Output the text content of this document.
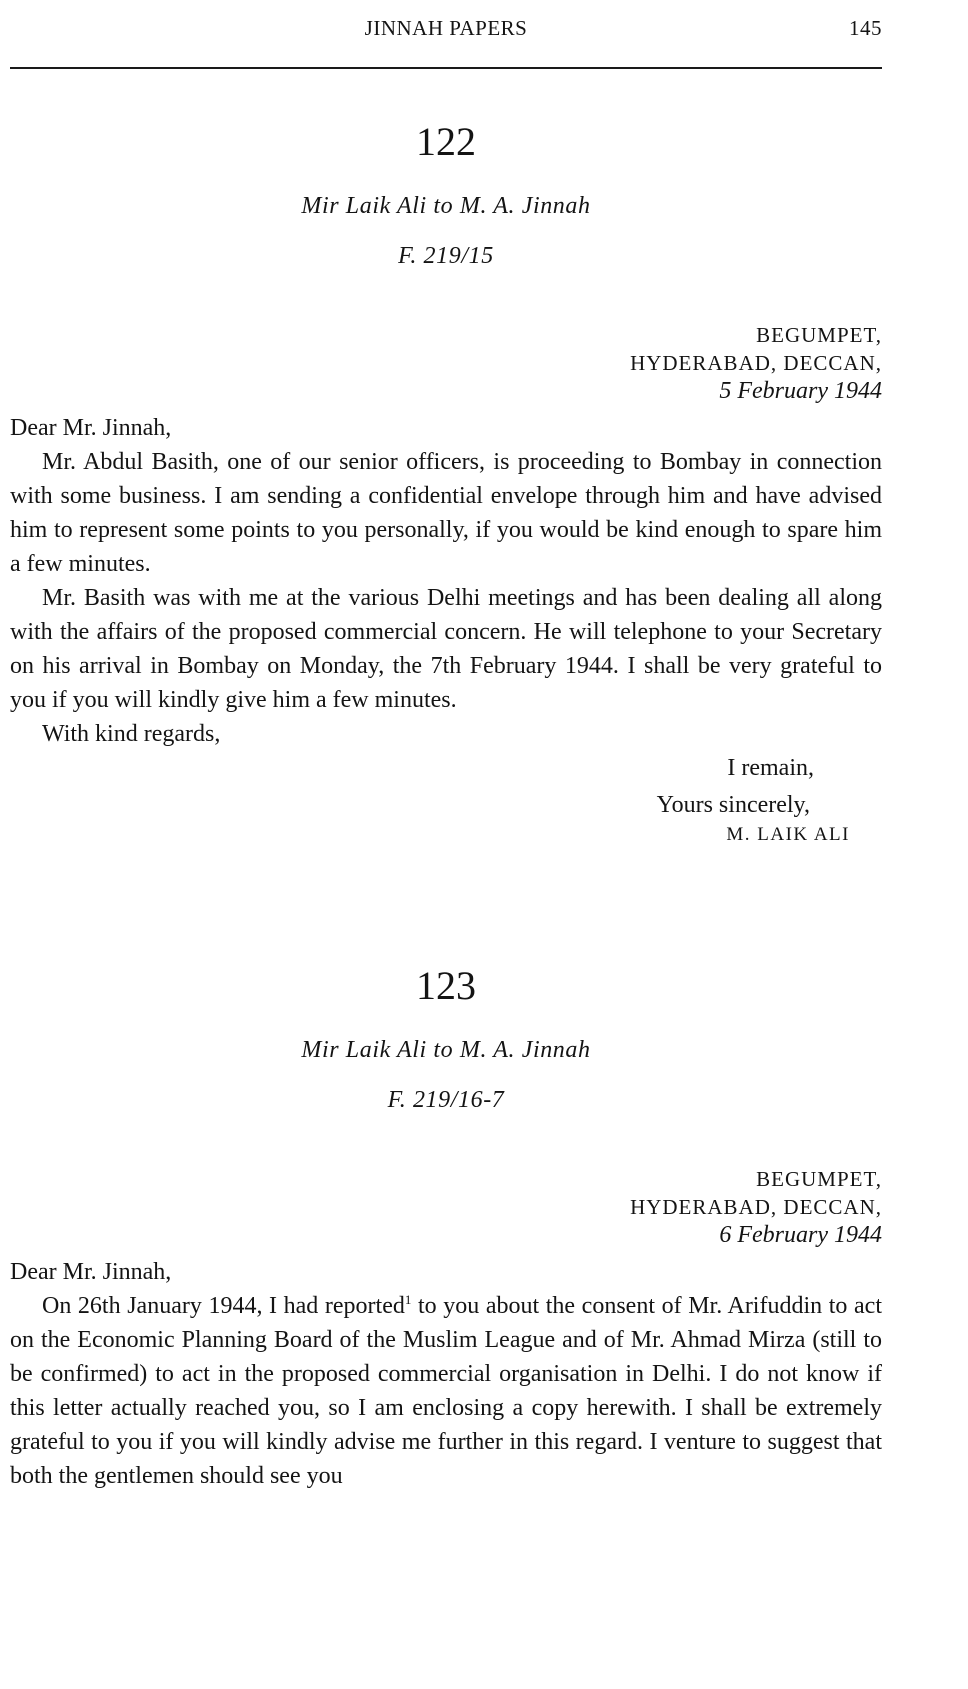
JINNAH PAPERS	145
122
Mir Laik Ali to M. A. Jinnah
F. 219/15
BEGUMPET,
HYDERABAD, DECCAN,
5 February 1944
Dear Mr. Jinnah,

Mr. Abdul Basith, one of our senior officers, is proceeding to Bombay in connection with some business. I am sending a confidential envelope through him and have advised him to represent some points to you personally, if you would be kind enough to spare him a few minutes.

Mr. Basith was with me at the various Delhi meetings and has been dealing all along with the affairs of the proposed commercial concern. He will telephone to your Secretary on his arrival in Bombay on Monday, the 7th February 1944. I shall be very grateful to you if you will kindly give him a few minutes.

With kind regards,
I remain,
Yours sincerely,
M. LAIK ALI
123
Mir Laik Ali to M. A. Jinnah
F. 219/16-7
BEGUMPET,
HYDERABAD, DECCAN,
6 February 1944
Dear Mr. Jinnah,

On 26th January 1944, I had reported$^1$ to you about the consent of Mr. Arifuddin to act on the Economic Planning Board of the Muslim League and of Mr. Ahmad Mirza (still to be confirmed) to act in the proposed commercial organisation in Delhi. I do not know if this letter actually reached you, so I am enclosing a copy herewith. I shall be extremely grateful to you if you will kindly advise me further in this regard. I venture to suggest that both the gentlemen should see you
